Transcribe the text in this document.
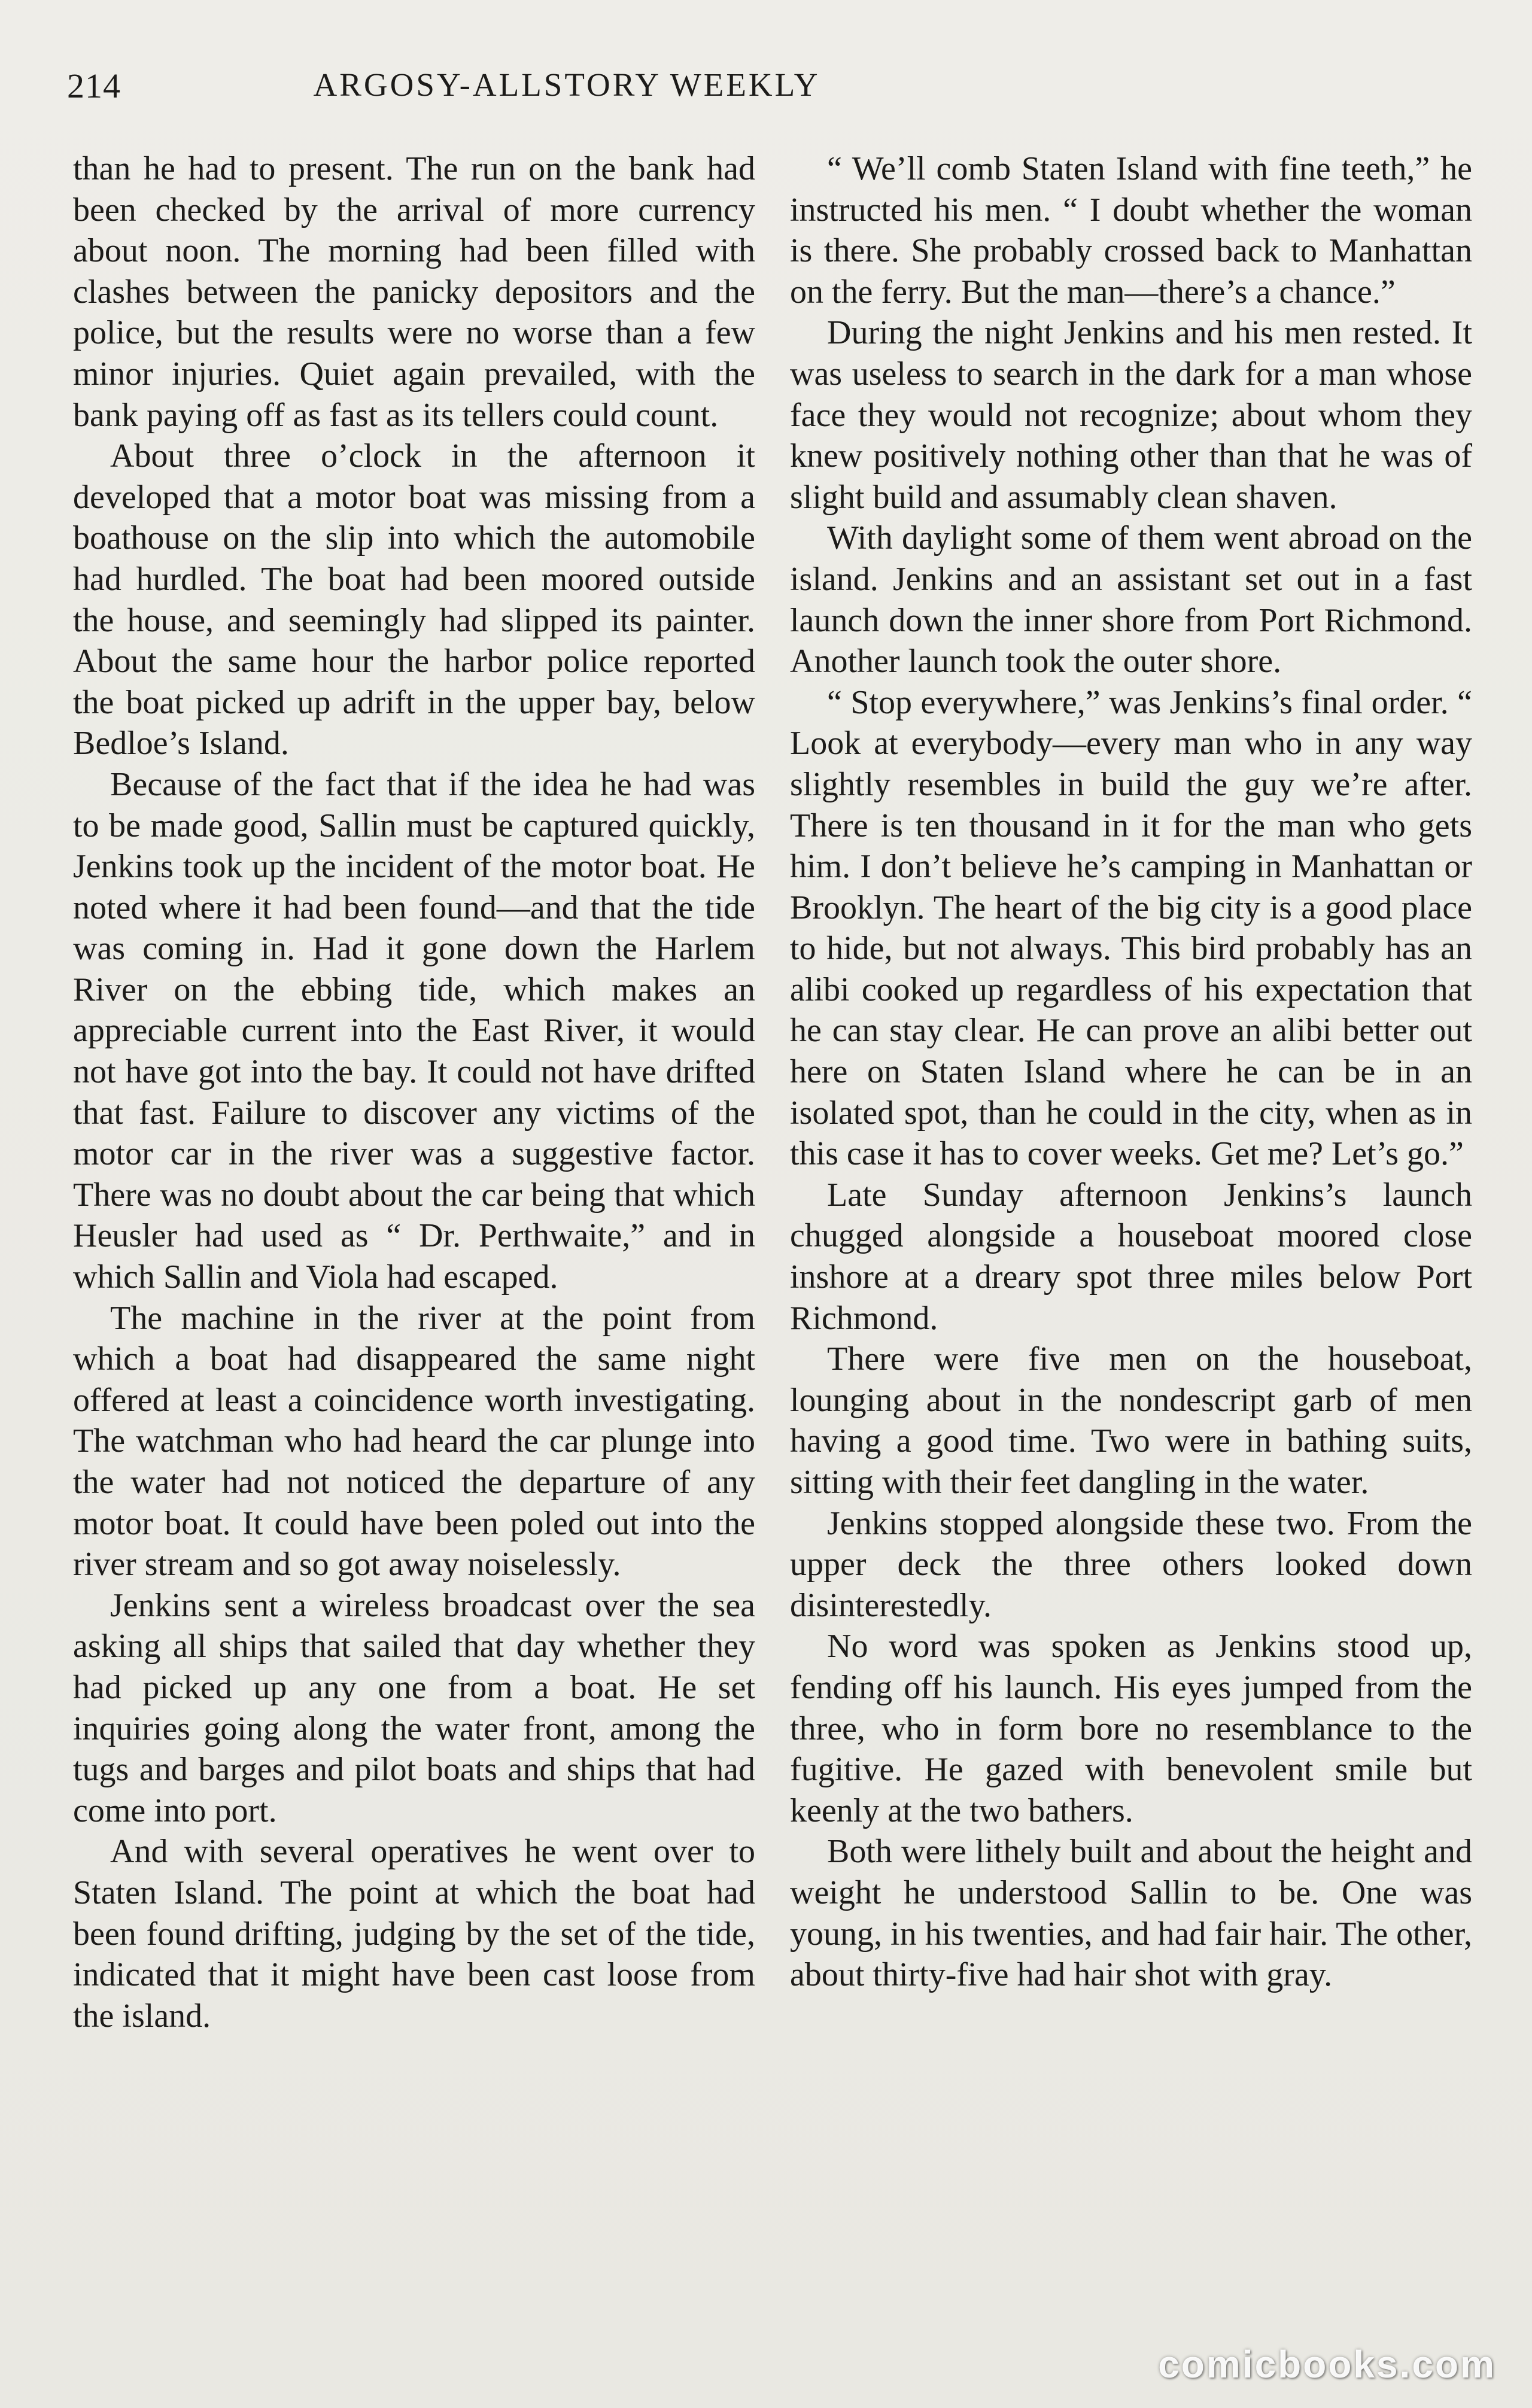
214	ARGOSY-ALLSTORY WEEKLY

than he had to present. The run on the bank had been checked by the arrival of more currency about noon. The morning had been filled with clashes between the panicky depositors and the police, but the results were no worse than a few minor injuries. Quiet again prevailed, with the bank paying off as fast as its tellers could count.

About three o’clock in the afternoon it developed that a motor boat was missing from a boathouse on the slip into which the automobile had hurdled. The boat had been moored outside the house, and seemingly had slipped its painter. About the same hour the harbor police reported the boat picked up adrift in the upper bay, below Bedloe’s Island.

Because of the fact that if the idea he had was to be made good, Sallin must be captured quickly, Jenkins took up the incident of the motor boat. He noted where it had been found—and that the tide was coming in. Had it gone down the Harlem River on the ebbing tide, which makes an appreciable current into the East River, it would not have got into the bay. It could not have drifted that fast. Failure to discover any victims of the motor car in the river was a suggestive factor. There was no doubt about the car being that which Heusler had used as “ Dr. Perthwaite,” and in which Sallin and Viola had escaped.

The machine in the river at the point from which a boat had disappeared the same night offered at least a coincidence worth investigating. The watchman who had heard the car plunge into the water had not noticed the departure of any motor boat. It could have been poled out into the river stream and so got away noiselessly.

Jenkins sent a wireless broadcast over the sea asking all ships that sailed that day whether they had picked up any one from a boat. He set inquiries going along the water front, among the tugs and barges and pilot boats and ships that had come into port.

And with several operatives he went over to Staten Island. The point at which the boat had been found drifting, judging by the set of the tide, indicated that it might have been cast loose from the island.

“ We’ll comb Staten Island with fine teeth,” he instructed his men. “ I doubt whether the woman is there. She probably crossed back to Manhattan on the ferry. But the man—there’s a chance.”

During the night Jenkins and his men rested. It was useless to search in the dark for a man whose face they would not recognize; about whom they knew positively nothing other than that he was of slight build and assumably clean shaven.

With daylight some of them went abroad on the island. Jenkins and an assistant set out in a fast launch down the inner shore from Port Richmond. Another launch took the outer shore.

“ Stop everywhere,” was Jenkins’s final order. “ Look at everybody—every man who in any way slightly resembles in build the guy we’re after. There is ten thousand in it for the man who gets him. I don’t believe he’s camping in Manhattan or Brooklyn. The heart of the big city is a good place to hide, but not always. This bird probably has an alibi cooked up regardless of his expectation that he can stay clear. He can prove an alibi better out here on Staten Island where he can be in an isolated spot, than he could in the city, when as in this case it has to cover weeks. Get me? Let’s go.”

Late Sunday afternoon Jenkins’s launch chugged alongside a houseboat moored close inshore at a dreary spot three miles below Port Richmond.

There were five men on the houseboat, lounging about in the nondescript garb of men having a good time. Two were in bathing suits, sitting with their feet dangling in the water.

Jenkins stopped alongside these two. From the upper deck the three others looked down disinterestedly.

No word was spoken as Jenkins stood up, fending off his launch. His eyes jumped from the three, who in form bore no resemblance to the fugitive. He gazed with benevolent smile but keenly at the two bathers.

Both were lithely built and about the height and weight he understood Sallin to be. One was young, in his twenties, and had fair hair. The other, about thirty-five had hair shot with gray.

comicbooks.com
